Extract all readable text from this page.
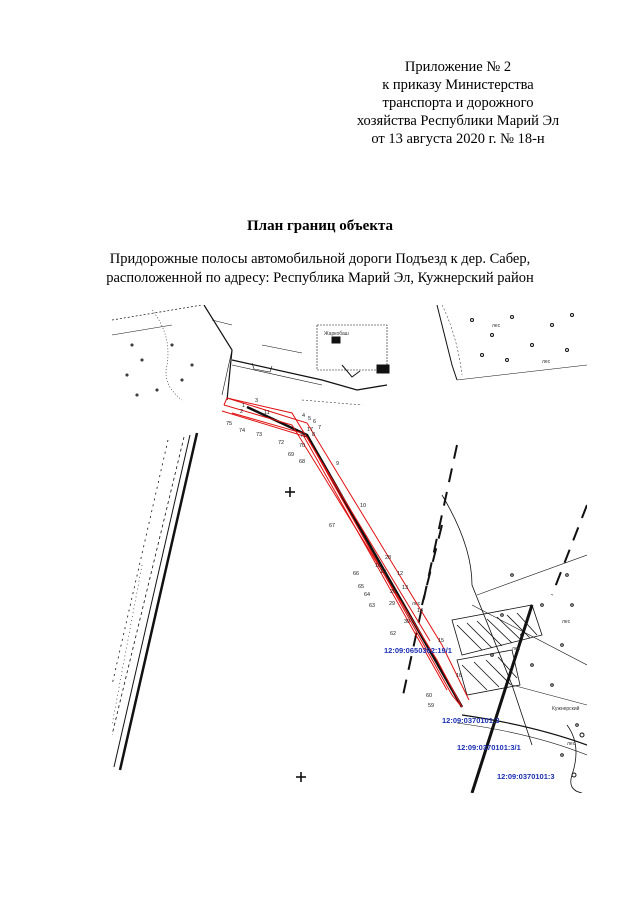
Приложение № 2
к приказу Министерства
транспорта и дорожного
хозяйства Республики Марий Эл
от 13 августа 2020 г. № 18-н
План границ объекта
Придорожные полосы автомобильной дороги Подъезд к дер. Сабер,
расположенной по адресу: Республика Марий Эл, Кужнерский район
Жаркобаш
лес
лес
лес
лес
лес
Кужнерский
лес
1
2
3
4 5 6
7
8
9
10
11
12
13
14
15
16
17
18
19
20
28
29
30
59
60
62
63
64
65
66
67
68
69
70
71
72
73
74
75
12:09:0650302:19/1
12:09:0370101:3
12:09:0370101:3/1
12:09:0370101:3
